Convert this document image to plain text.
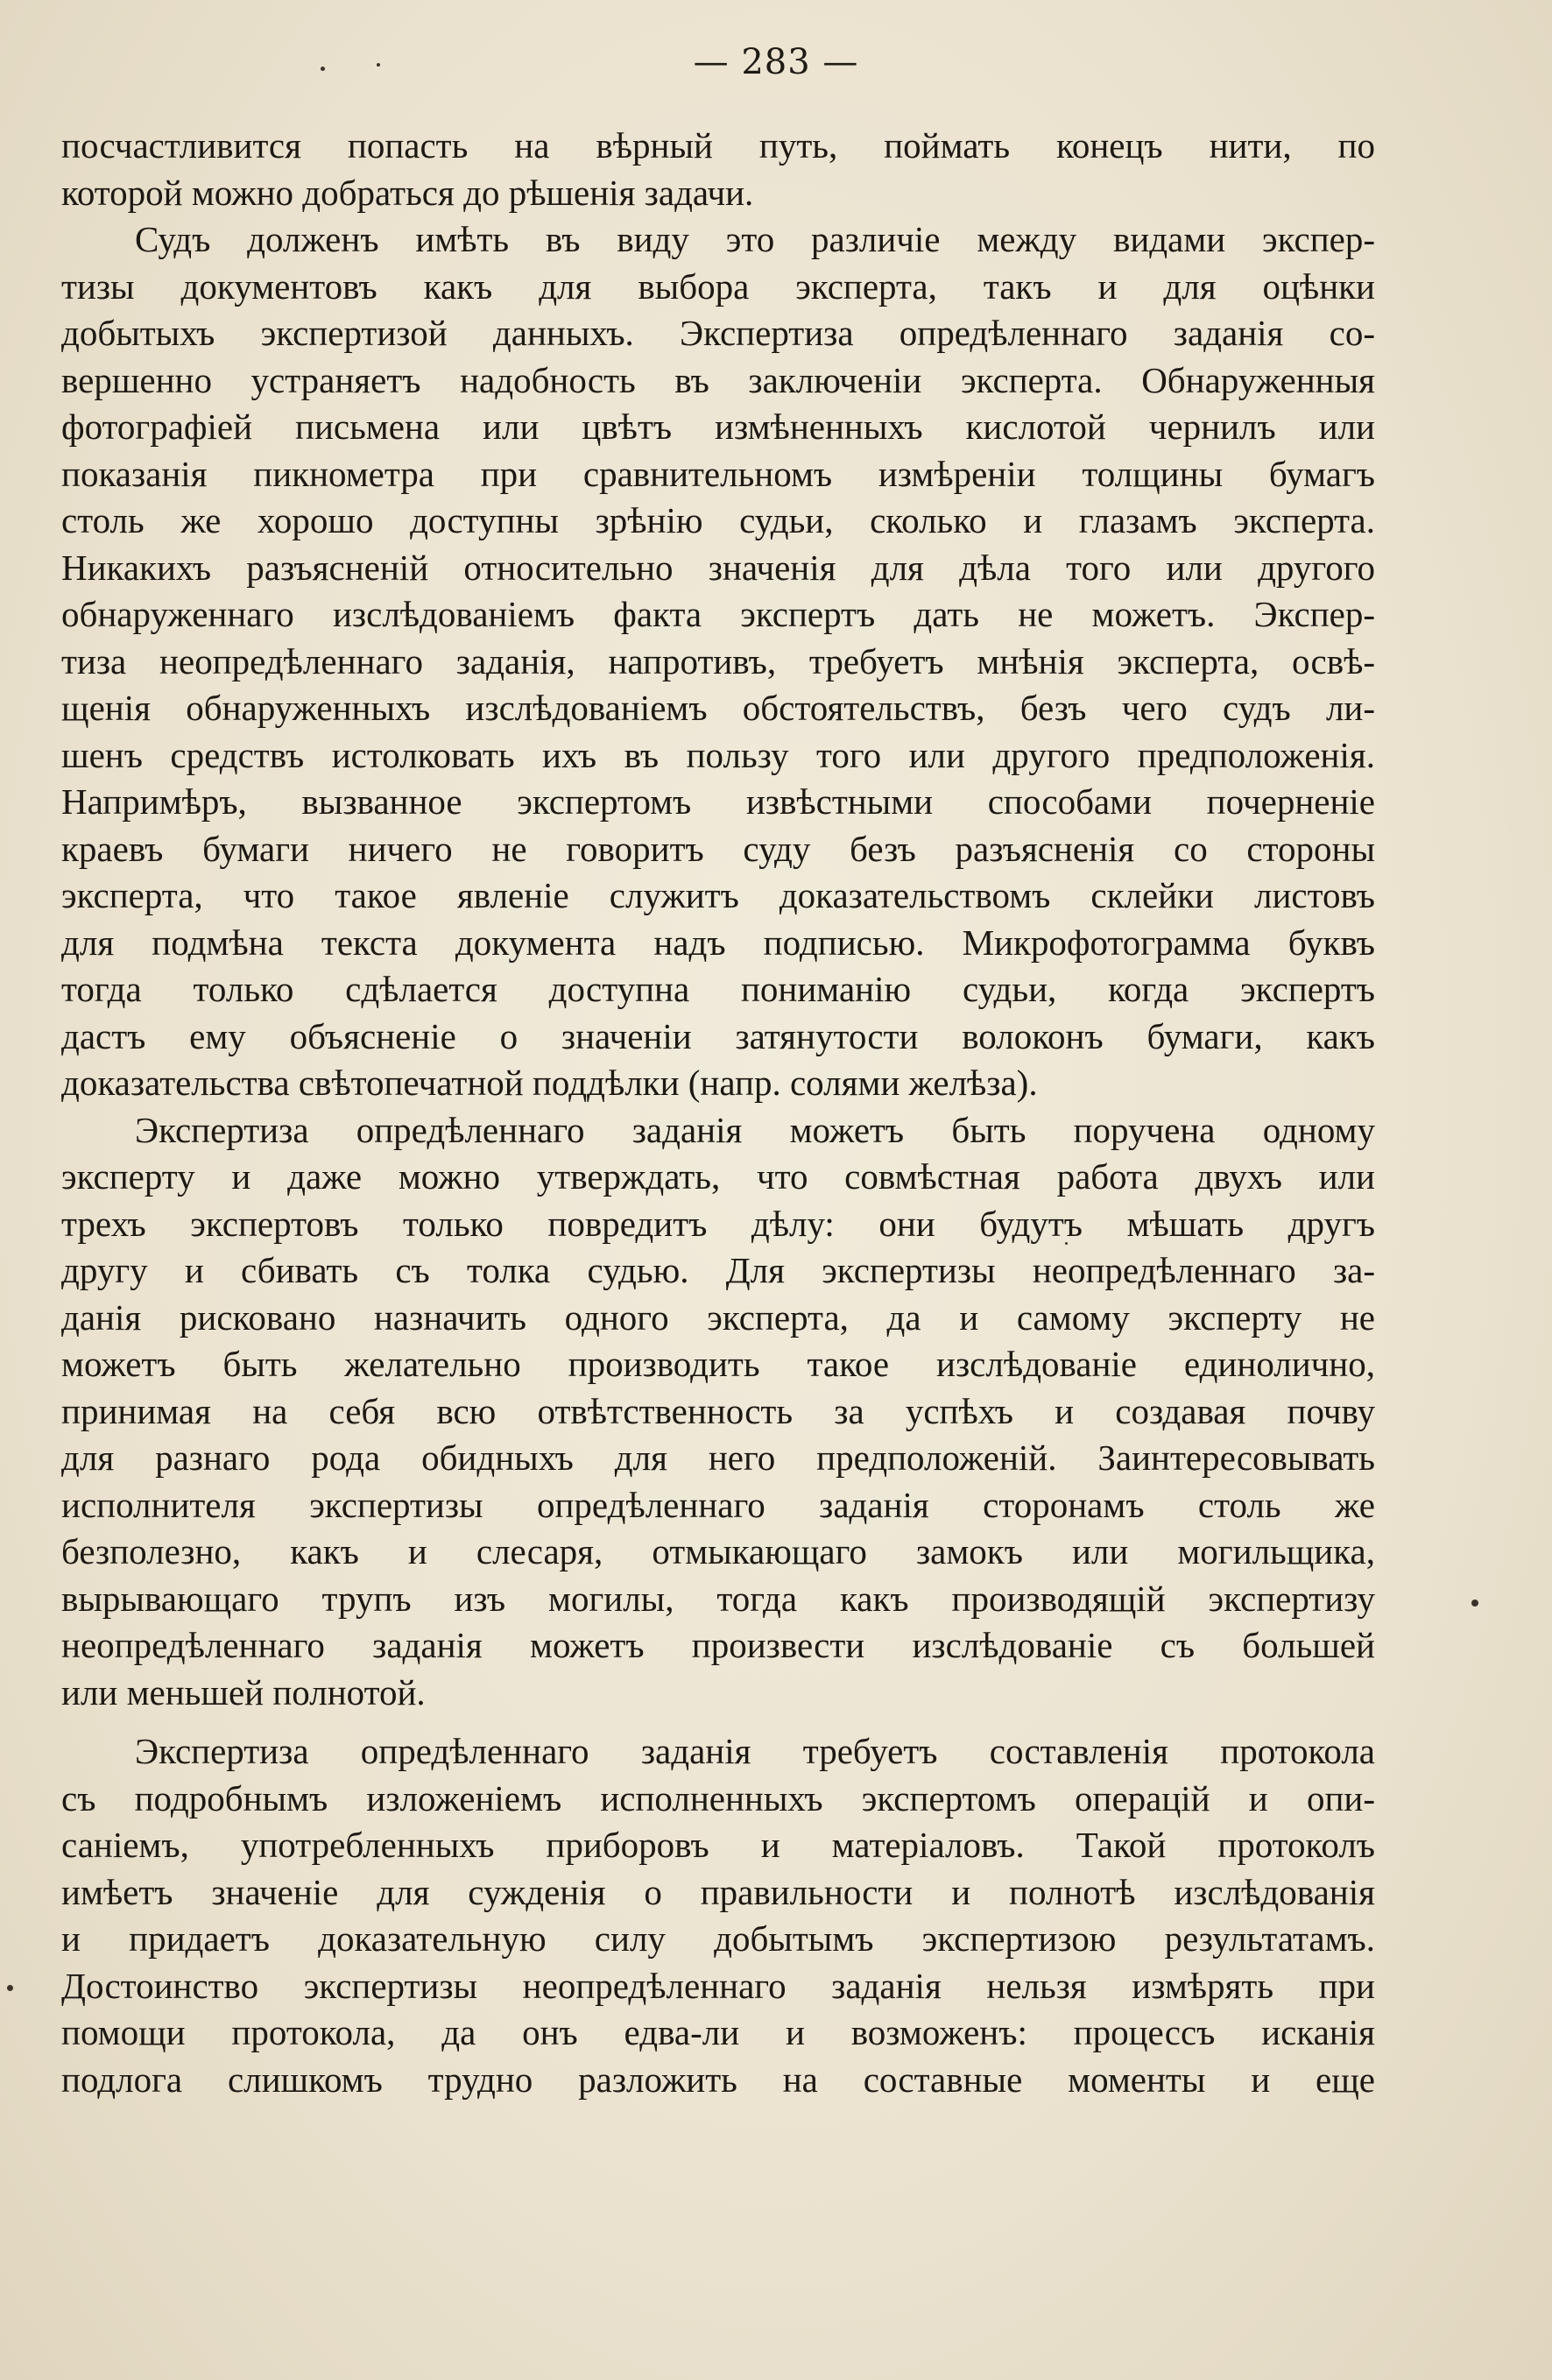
— 283 —
посчастливится попасть на вѣрный путь, поймать конецъ нити, по
которой можно добраться до рѣшенія задачи.
Судъ долженъ имѣть въ виду это различіе между видами экспер-
тизы документовъ какъ для выбора эксперта, такъ и для оцѣнки
добытыхъ экспертизой данныхъ. Экспертиза опредѣленнаго заданія со-
вершенно устраняетъ надобность въ заключеніи эксперта. Обнаруженныя
фотографіей письмена или цвѣтъ измѣненныхъ кислотой чернилъ или
показанія пикнометра при сравнительномъ измѣреніи толщины бумагъ
столь же хорошо доступны зрѣнію судьи, сколько и глазамъ эксперта.
Никакихъ разъясненій относительно значенія для дѣла того или другого
обнаруженнаго изслѣдованіемъ факта экспертъ дать не можетъ. Экспер-
тиза неопредѣленнаго заданія, напротивъ, требуетъ мнѣнія эксперта, освѣ-
щенія обнаруженныхъ изслѣдованіемъ обстоятельствъ, безъ чего судъ ли-
шенъ средствъ истолковать ихъ въ пользу того или другого предположенія.
Напримѣръ, вызванное экспертомъ извѣстными способами почерненіе
краевъ бумаги ничего не говоритъ суду безъ разъясненія со стороны
эксперта, что такое явленіе служитъ доказательствомъ склейки листовъ
для подмѣна текста документа надъ подписью. Микрофотограмма буквъ
тогда только сдѣлается доступна пониманію судьи, когда экспертъ
дастъ ему объясненіе о значеніи затянутости волоконъ бумаги, какъ
доказательства свѣтопечатной поддѣлки (напр. солями желѣза).
Экспертиза опредѣленнаго заданія можетъ быть поручена одному
эксперту и даже можно утверждать, что совмѣстная работа двухъ или
трехъ экспертовъ только повредитъ дѣлу: они будутъ мѣшать другъ
другу и сбивать съ толка судью. Для экспертизы неопредѣленнаго за-
данія рисковано назначить одного эксперта, да и самому эксперту не
можетъ быть желательно производить такое изслѣдованіе единолично,
принимая на себя всю отвѣтственность за успѣхъ и создавая почву
для разнаго рода обидныхъ для него предположеній. Заинтересовывать
исполнителя экспертизы опредѣленнаго заданія сторонамъ столь же
безполезно, какъ и слесаря, отмыкающаго замокъ или могильщика,
вырывающаго трупъ изъ могилы, тогда какъ производящій экспертизу
неопредѣленнаго заданія можетъ произвести изслѣдованіе съ большей
или меньшей полнотой.
Экспертиза опредѣленнаго заданія требуетъ составленія протокола
съ подробнымъ изложеніемъ исполненныхъ экспертомъ операцій и опи-
саніемъ, употребленныхъ приборовъ и матеріаловъ. Такой протоколъ
имѣетъ значеніе для сужденія о правильности и полнотѣ изслѣдованія
и придаетъ доказательную силу добытымъ экспертизою результатамъ.
Достоинство экспертизы неопредѣленнаго заданія нельзя измѣрять при
помощи протокола, да онъ едва-ли и возможенъ: процессъ исканія
подлога слишкомъ трудно разложить на составные моменты и еще
